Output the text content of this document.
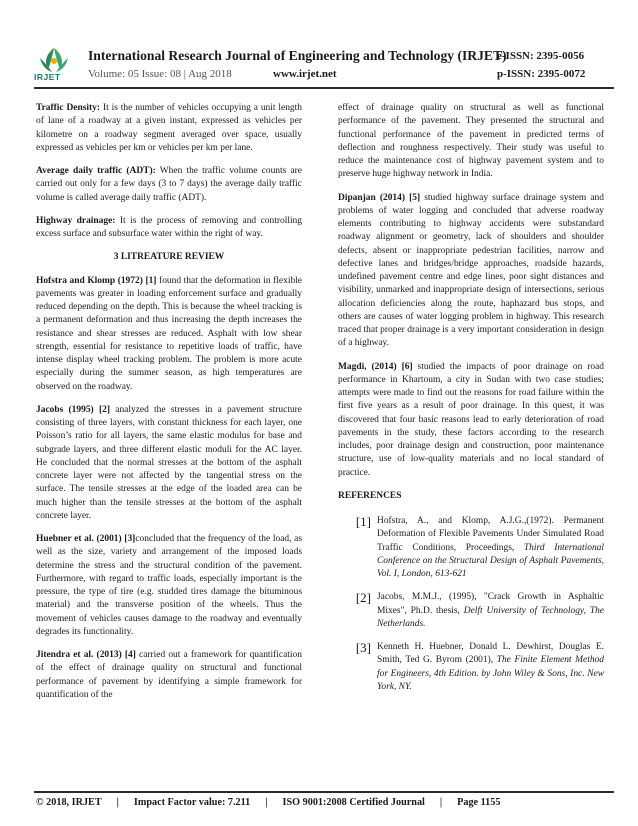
IRJET
International Research Journal of Engineering and Technology (IRJET)
e-ISSN: 2395-0056
Volume: 05 Issue: 08 | Aug 2018	www.irjet.net	p-ISSN: 2395-0072

Traffic Density: It is the number of vehicles occupying a unit length of lane of a roadway at a given instant, expressed as vehicles per kilometre on a roadway segment averaged over space, usually expressed as vehicles per km or vehicles per km per lane.

Average daily traffic (ADT): When the traffic volume counts are carried out only for a few days (3 to 7 days) the average daily traffic volume is called average daily traffic (ADT).

Highway drainage: It is the process of removing and controlling excess surface and subsurface water within the right of way.

3 LITREATURE REVIEW

Hofstra and Klomp (1972) [1] found that the deformation in flexible pavements was greater in loading enforcement surface and gradually reduced depending on the depth. This is because the wheel tracking is a permanent deformation and thus increasing the depth increases the resistance and shear stresses are reduced. Asphalt with low shear strength, essential for resistance to repetitive loads of traffic, have intense display wheel tracking problem. The problem is more acute especially during the summer season, as high temperatures are observed on the roadway.

Jacobs (1995) [2] analyzed the stresses in a pavement structure consisting of three layers, with constant thickness for each layer, one Poisson’s ratio for all layers, the same elastic modulus for base and subgrade layers, and three different elastic moduli for the AC layer. He concluded that the normal stresses at the bottom of the asphalt concrete layer were not affected by the tangential stress on the surface. The tensile stresses at the edge of the loaded area can be much higher than the tensile stresses at the bottom of the asphalt concrete layer.

Huebner et al. (2001) [3]concluded that the frequency of the load, as well as the size, variety and arrangement of the imposed loads determine the stress and the structural condition of the pavement. Furthermore, with regard to traffic loads, especially important is the pressure, the type of tire (e.g. studded tires damage the bituminous material) and the transverse position of the wheels. Thus the movement of vehicles causes damage to the roadway and eventually degrades its functionality.

Jitendra et al. (2013) [4] carried out a framework for quantification of the effect of drainage quality on structural and functional performance of pavement by identifying a simple framework for quantification of the

effect of drainage quality on structural as well as functional performance of the pavement. They presented the structural and functional performance of the pavement in predicted terms of deflection and roughness respectively. Their study was useful to reduce the maintenance cost of highway pavement system and to preserve huge highway network in India.

Dipanjan (2014) [5] studied highway surface drainage system and problems of water logging and concluded that adverse roadway elements contributing to highway accidents were substandard roadway alignment or geometry, lack of shoulders and shoulder defects, absent or inappropriate pedestrian facilities, narrow and defective lanes and bridges/bridge approaches, roadside hazards, undefined pavement centre and edge lines, poor sight distances and visibility, unmarked and inappropriate design of intersections, serious allocation deficiencies along the route, haphazard bus stops, and others are causes of water logging problem in highway. This research traced that proper drainage is a very important consideration in design of a highway.

Magdi, (2014) [6] studied the impacts of poor drainage on road performance in Khartoum, a city in Sudan with two case studies; attempts were made to find out the reasons for road failure within the first five years as a result of poor drainage. In this quest, it was discovered that four basic reasons lead to early deterioration of road pavements in the study, these factors according to the research includes, poor drainage design and construction, poor maintenance structure, use of low-quality materials and no local standard of practice.

REFERENCES
[1] Hofstra, A., and Klomp, A.J.G.,(1972). Permanent Deformation of Flexible Pavements Under Simulated Road Traffic Conditions, Proceedings, Third International Conference on the Structural Design of Asphalt Pavements, Vol. I, London, 613-621
[2] Jacobs, M.M.J., (1995), "Crack Growth in Asphaltic Mixes", Ph.D. thesis, Delft University of Technology, The Netherlands.
[3] Kenneth H. Huebner, Donald L. Dewhirst, Douglas E. Smith, Ted G. Byrom (2001), The Finite Element Method for Engineers, 4th Edition. by John Wiley & Sons, Inc. New York, NY.
© 2018, IRJET | Impact Factor value: 7.211 | ISO 9001:2008 Certified Journal | Page 1155
